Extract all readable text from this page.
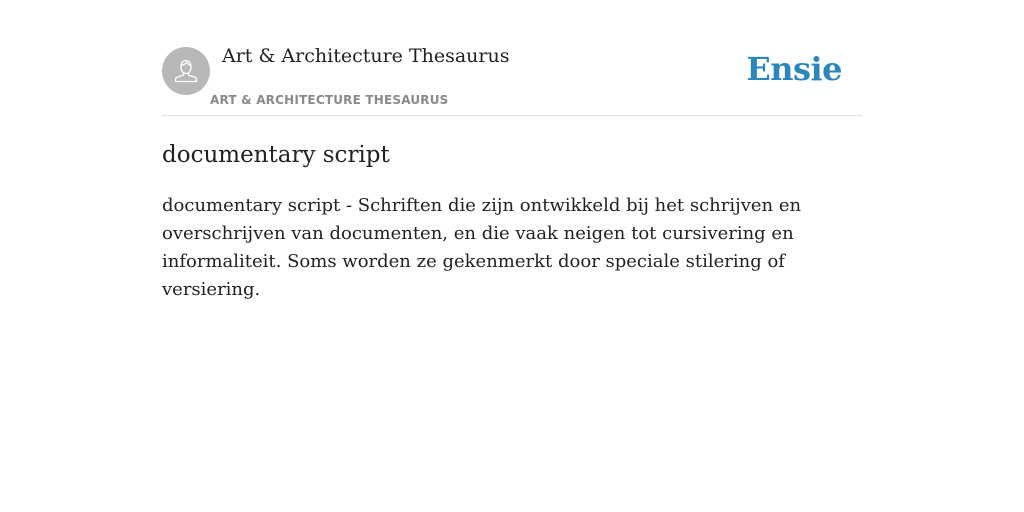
Art & Architecture Thesaurus
ART & ARCHITECTURE THESAURUS
Ensie
documentary script

documentary script - Schriften die zijn ontwikkeld bij het schrijven en overschrijven van documenten, en die vaak neigen tot cursivering en informaliteit. Soms worden ze gekenmerkt door speciale stilering of versiering.
